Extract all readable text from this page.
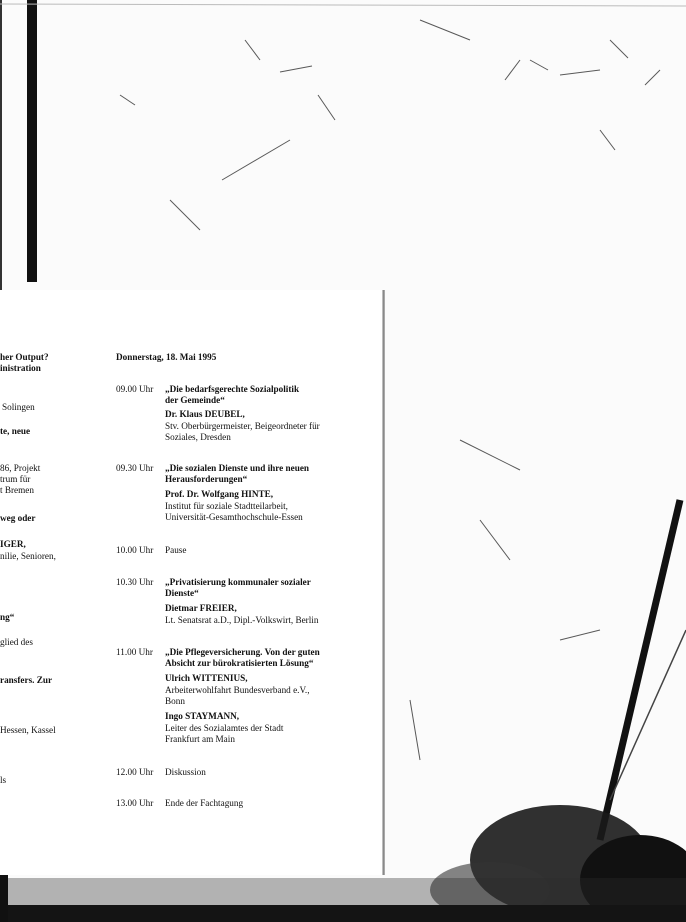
her Output?
inistration
Solingen
te, neue
86, Projekt
trum für
t Bremen
weg oder
IGER,
nilie, Senioren,
ng“
glied des
ransfers. Zur
Hessen, Kassel
ls
Donnerstag, 18. Mai 1995
09.00 Uhr „Die bedarfsgerechte Sozialpolitik
der Gemeinde“
Dr. Klaus DEUBEL,
Stv. Oberbürgermeister, Beigeordneter für
Soziales, Dresden
09.30 Uhr „Die sozialen Dienste und ihre neuen
Herausforderungen“
Prof. Dr. Wolfgang HINTE,
Institut für soziale Stadtteilarbeit,
Universität-Gesamthochschule-Essen
10.00 Uhr Pause
10.30 Uhr „Privatisierung kommunaler sozialer
Dienste“
Dietmar FREIER,
Lt. Senatsrat a.D., Dipl.-Volkswirt, Berlin
11.00 Uhr „Die Pflegeversicherung. Von der guten
Absicht zur bürokratisierten Lösung“
Ulrich WITTENIUS,
Arbeiterwohlfahrt Bundesverband e.V.,
Bonn
Ingo STAYMANN,
Leiter des Sozialamtes der Stadt
Frankfurt am Main
12.00 Uhr Diskussion
13.00 Uhr Ende der Fachtagung
